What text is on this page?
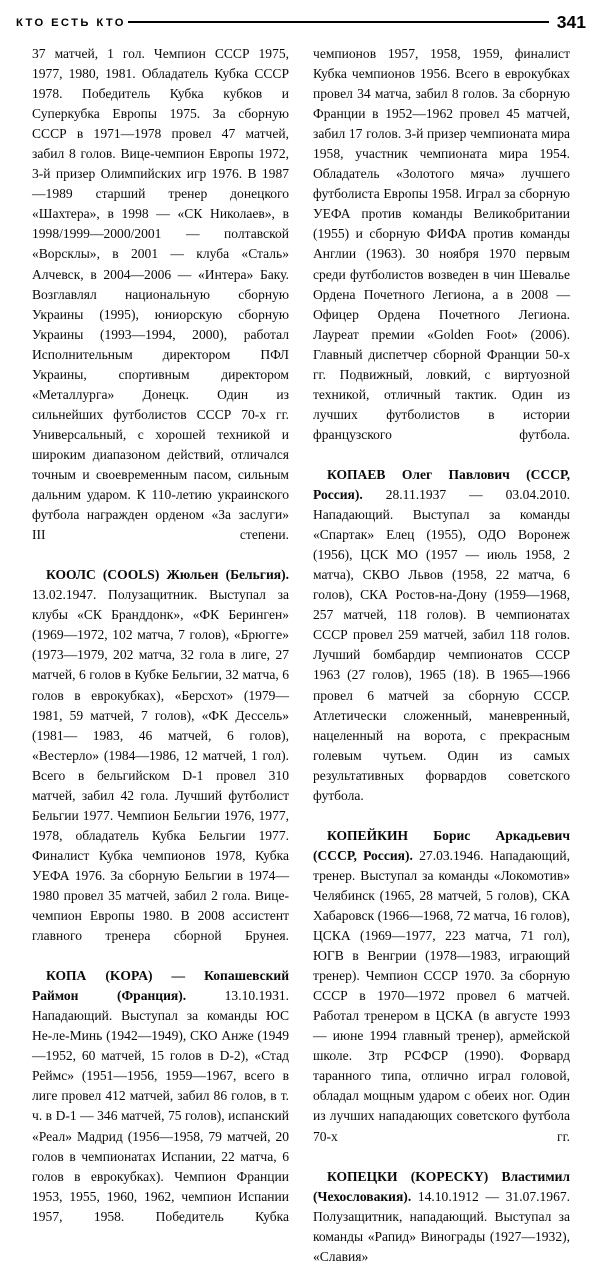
КТО ЕСТЬ КТО	341

37 матчей, 1 гол. Чемпион СССР 1975, 1977, 1980, 1981. Обладатель Кубка СССР 1978. Победитель Кубка кубков и Суперкубка Европы 1975. За сборную СССР в 1971—1978 провел 47 матчей, забил 8 голов. Вице-чемпион Европы 1972, 3-й призер Олимпийских игр 1976. В 1987—1989 старший тренер донецкого «Шахтера», в 1998 — «СК Николаев», в 1998/1999—2000/2001 — полтавской «Ворсклы», в 2001 — клуба «Сталь» Алчевск, в 2004—2006 — «Интера» Баку. Возглавлял национальную сборную Украины (1995), юниорскую сборную Украины (1993—1994, 2000), работал Исполнительным директором ПФЛ Украины, спортивным директором «Металлурга» Донецк. Один из сильнейших футболистов СССР 70-х гг. Универсальный, с хорошей техникой и широким диапазоном действий, отличался точным и своевременным пасом, сильным дальним ударом. К 110-летию украинского футбола награжден орденом «За заслуги» III степени.

КООЛС (COOLS) Жюльен (Бельгия). 13.02.1947. Полузащитник. Выступал за клубы «СК Бранддонк», «ФК Берингeн» (1969—1972, 102 матча, 7 голов), «Брюгге» (1973—1979, 202 матча, 32 гола в лиге, 27 матчей, 6 голов в Кубке Бельгии, 32 матча, 6 голов в еврокубках), «Берсхот» (1979—1981, 59 матчей, 7 голов), «ФК Дессель» (1981— 1983, 46 матчей, 6 голов), «Вестерло» (1984—1986, 12 матчей, 1 гол). Всего в бельгийском D-1 провел 310 матчей, забил 42 гола. Лучший футболист Бельгии 1977. Чемпион Бельгии 1976, 1977, 1978, обладатель Кубка Бельгии 1977. Финалист Кубка чемпионов 1978, Кубка УЕФА 1976. За сборную Бельгии в 1974—1980 провел 35 матчей, забил 2 гола. Вице-чемпион Европы 1980. В 2008 ассистент главного тренера сборной Брунея.

КОПА (KOPA) — Копашевский Раймон (Франция). 13.10.1931. Нападающий. Выступал за команды ЮС Не-ле-Минь (1942—1949), СКО Анже (1949—1952, 60 матчей, 15 голов в D-2), «Стад Реймс» (1951—1956, 1959—1967, всего в лиге провел 412 матчей, забил 86 голов, в т. ч. в D-1 — 346 матчей, 75 голов), испанский «Реал» Мадрид (1956—1958, 79 матчей, 20 голов в чемпионатах Испании, 22 матча, 6 голов в еврокубках). Чемпион Франции 1953, 1955, 1960, 1962, чемпион Испании 1957, 1958. Победитель Кубка

чемпионов 1957, 1958, 1959, финалист Кубка чемпионов 1956. Всего в еврокубках провел 34 матча, забил 8 голов. За сборную Франции в 1952—1962 провел 45 матчей, забил 17 голов. 3-й призер чемпионата мира 1958, участник чемпионата мира 1954. Обладатель «Золотого мяча» лучшего футболиста Европы 1958. Играл за сборную УЕФА против команды Великобритании (1955) и сборную ФИФА против команды Англии (1963). 30 ноября 1970 первым среди футболистов возведен в чин Шевалье Ордена Почетного Легиона, а в 2008 — Офицер Ордена Почетного Легиона. Лауреат премии «Golden Foot» (2006). Главный диспетчер сборной Франции 50-х гг. Подвижный, ловкий, с виртуозной техникой, отличный тактик. Один из лучших футболистов в истории французского футбола.

КОПАЕВ Олег Павлович (СССР, Россия). 28.11.1937 — 03.04.2010. Нападающий. Выступал за команды «Спартак» Елец (1955), ОДО Воронеж (1956), ЦСК МО (1957 — июль 1958, 2 матча), СКВО Львов (1958, 22 матча, 6 голов), СКА Ростов-на-Дону (1959—1968, 257 матчей, 118 голов). В чемпионатах СССР провел 259 матчей, забил 118 голов. Лучший бомбардир чемпионатов СССР 1963 (27 голов), 1965 (18). В 1965—1966 провел 6 матчей за сборную СССР. Атлетически сложенный, маневренный, нацеленный на ворота, с прекрасным голевым чутьем. Один из самых результативных форвардов советского футбола.

КОПЕЙКИН Борис Аркадьевич (СССР, Россия). 27.03.1946. Нападающий, тренер. Выступал за команды «Локомотив» Челябинск (1965, 28 матчей, 5 голов), СКА Хабаровск (1966—1968, 72 матча, 16 голов), ЦСКА (1969—1977, 223 матча, 71 гол), ЮГВ в Венгрии (1978—1983, играющий тренер). Чемпион СССР 1970. За сборную СССР в 1970—1972 провел 6 матчей. Работал тренером в ЦСКА (в августе 1993 — июне 1994 главный тренер), армейской школе. Зтр РСФСР (1990). Форвард таранного типа, отлично играл головой, обладал мощным ударом с обеих ног. Один из лучших нападающих советского футбола 70-х гг.

КОПЕЦКИ (KOPECKY) Властимил (Чехословакия). 14.10.1912 — 31.07.1967. Полузащитник, нападающий. Выступал за команды «Рапид» Винограды (1927—1932), «Славия»
